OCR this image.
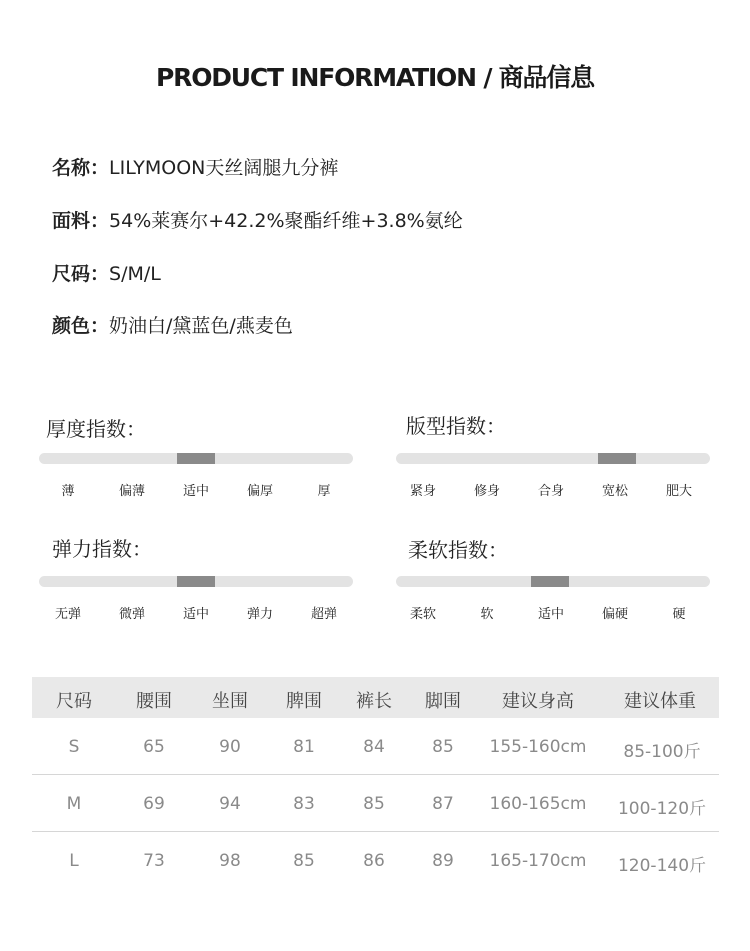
PRODUCT INFORMATION / 商品信息
名称：LILYMOON天丝阔腿九分裤
面料：54%莱赛尔+42.2%聚酯纤维+3.8%氨纶
尺码：S/M/L
颜色：奶油白/黛蓝色/燕麦色
厚度指数：
薄	偏薄	适中	偏厚	厚
版型指数：
紧身	修身	合身	宽松	肥大
弹力指数：
无弹	微弹	适中	弹力	超弹
柔软指数：
柔软	软	适中	偏硬	硬
尺码 腰围 坐围 脾围 裤长 脚围 建议身高	建议体重
S	65	90	81	84	85 155-160cm 85-100斤
M	69	94	83	85	87 160-165cm 100-120斤
L	73	98	85	86	89 165-170cm 120-140斤
